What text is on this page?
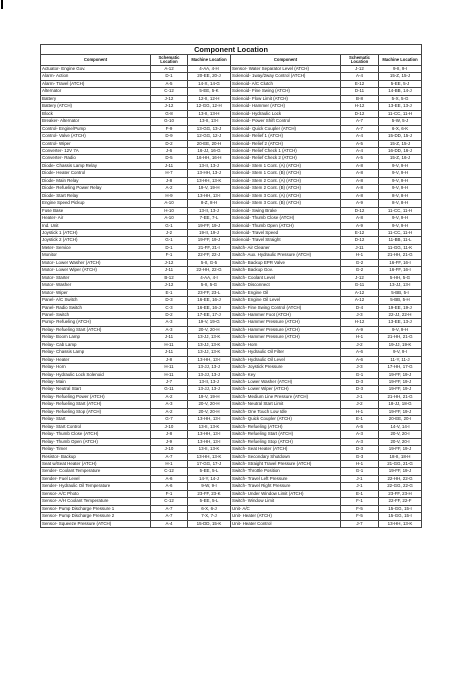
Component Location					
Component	Schematic Location	Machine Location	Component	Schematic Location	Machine Location
Actuator- Engine Gov.	A-12	4-AA, 4-H	Sensor- Water Separator Level (ATCH)	J-12	9-II, 9-I
Alarm- Action	D-1	20-EE, 20-J	Solenoid- 1way/2way Control (ATCH)	A-4	15-Z, 15-J
Alarm- Travel (ATCH)	A-5	14-X, 14-G	Solenoid- A/C Clutch	E-12	5-EE, 5-J
Alternator	C-12	5-EE, 5-K	Solenoid- Fine Swing (ATCH)	D-11	14-BB, 14-J
Battery	J-12	12-II, 12-H	Solenoid- Flow Limit (ATCH)	B-8	5-X, 5-G
Battery (ATCH)	J-12	12-GG, 12-H	Solenoid- Hammer (ATCH)	H-12	13-EE, 13-J
Block	G-8	13-II, 13-H	Solenoid- Hydraulic Lock	D-12	11-CC, 11-H
Breaker- Alternator	G-10	13-II, 13-I	Solenoid- Power Shift Control	A-7	5-W, 5-J
Control- Engine/Pump	F-9	13-GG, 13-J	Solenoid- Quick Coupler (ATCH)	A-7	6-X, 6-K
Control- Valve (ATCH)	D-9	12-GG, 12-J	Solenoid- Relief 1 (ATCH)	A-4	15-DD, 15-J
Control- Wiper	D-2	20-EE, 20-H	Solenoid- Relief 2 (ATCH)	A-5	15-Z, 15-J
Converter- 12V 7A	J-6	16-JJ, 16-G	Solenoid- Relief Check 1 (ATCH)	A-4	16-DD, 16-J
Converter- Radio	D-5	16-HH, 16-H	Solenoid- Relief Check 2 (ATCH)	A-5	15-Z, 16-J
Diode- Chassis Lamp Relay	J-11	13-II, 13-J	Solenoid- Stem 1 Cont. (A) (ATCH)	A-8	9-V, 9-H
Diode- Heater Control	H-7	13-HH, 13-J	Solenoid- Stem 1 Cont. (B) (ATCH)	A-8	9-V, 9-H
Diode- Main Relay	J-8	13-HH, 13-K	Solenoid- Stem 2 Cont. (A) (ATCH)	A-8	9-V, 9-H
Diode- Refueling Power Relay	A-2	19-V, 19-H	Solenoid- Stem 2 Cont. (B) (ATCH)	A-8	9-V, 9-H
Diode- Start Relay	H-9	13-HH, 13-I	Solenoid- Stem 3 Cont. (A) (ATCH)	A-8	8-V, 8-H
Engine Speed Pickup	A-10	8-Z, 8-H	Solenoid- Stem 3 Cont. (B) (ATCH)	A-9	8-V, 8-H
Fuse Base	H-10	13-II, 13-J	Solenoid- Swing Brake	D-12	11-CC, 11-H
Heater- Air	A-10	7-EE, 7-L	Solenoid- Thumb Close (ATCH)	A-8	9-V, 9-H
Ind. Unit	G-1	19-FF, 19-J	Solenoid- Thumb Open (ATCH)	A-9	9-V, 9-H
Joystick 1 (ATCH)	J-2	19-II, 19-J	Solenoid- Travel Speed	E-12	11-CC, 11-H
Joystick 2 (ATCH)	G-1	19-FF, 19-J	Solenoid- Travel Straight	D-12	11-BB, 11-L
Meter- Service	D-1	21-FF, 21-I	Switch- Air Cleaner	J-11	11-GG, 11-K
Monitor	F-1	22-FF, 22-J	Switch- Aux. Hydraulic Pressure (ATCH)	H-1	21-HH, 21-G
Motor- Lower Washer (ATCH)	J-12	5-II, G-5	Switch- Backup EPR Valve	G-2	16-FF, 16-I
Motor- Lower Wiper (ATCH)	J-11	22-HH, 22-G	Switch- Backup Gov.	G-2	16-FF, 16-I
Motor- Starter	B-12	4-AA, 4-I	Switch- Coolant Level	J-12	5-HH, 5-G
Motor- Washer	J-12	5-II, 5-G	Switch- Disconnect	G-11	13-JJ, 13-I
Motor- Wiper	E-1	23-FF, 23-L	Switch- Engine Oil	A-12	5-BB, 5-I
Panel- A/C Switch	D-3	16-EE, 16-J	Switch- Engine Oil Level	A-12	5-BB, 5-H
Panel- Radio Switch	C-3	16-EE, 16-J	Switch- Fine Swing Control (ATCH)	D-4	19-EE, 19-J
Panel- Switch	D-2	17-EE, 17-J	Switch- Hammer Foot (ATCH)	J-3	22-JJ, 22-H
Pump- Refueling (ATCH)	A-3	19-V, 19-G	Switch- Hammer Pressure (ATCH)	H-12	13-EE, 13-J
Relay- Refueling Start (ATCH)	A-3	20-V, 20-H	Switch- Hammer Pressure (ATCH)	A-9	9-V, 9-H
Relay- Boom Lamp	J-11	13-JJ, 13-K	Switch- Hammer Pressure (ATCH)	H-1	21-HH, 21-G
Relay- Cab Lamp	H-11	13-JJ, 13-K	Switch- Horn	J-2	19-JJ, 19-K
Relay- Chassis Lamp	J-11	13-JJ, 13-K	Switch- Hydraulic Oil Filter	A-6	9-V, 9-I
Relay- Heater	J-8	13-HH, 13-I	Switch- Hydraulic Oil Level	A-6	11-Y, 11-J
Relay- Horn	H-11	13-JJ, 13-J	Switch- Joystick Pressure	J-3	17-HH, 17-G
Relay- Hydraulic Lock Solenoid	H-11	13-JJ, 13-J	Switch- Key	G-1	19-FF, 19-J
Relay- Main	J-7	13-II, 13-J	Switch- Lower Washer (ATCH)	D-3	19-FF, 19-J
Relay- Neutral Start	G-11	13-JJ, 13-J	Switch- Lower Wiper (ATCH)	D-3	19-FF, 19-J
Relay- Refueling Power (ATCH)	A-2	19-V, 19-H	Switch- Medium Line Pressure (ATCH)	J-1	21-HH, 21-G
Relay- Refueling Start (ATCH)	A-3	20-V, 20-H	Switch- Neutral Start Limit	J-2	18-JJ, 18-G
Relay- Refueling Stop (ATCH)	A-2	20-V, 20-H	Switch- One Touch Low Idle	H-1	19-FF, 19-J
Relay- Start	G-7	13-HH, 13-I	Switch- Quick Coupler (ATCH)	E-1	20-EE, 20-I
Relay- Start Control	J-10	13-II, 13-K	Switch- Refueling (ATCH)	A-5	14-V, 14-I
Relay- Thumb Close (ATCH)	J-8	13-HH, 13-I	Switch- Refueling Start (ATCH)	A-3	20-V, 20-I
Relay- Thumb Open (ATCH)	J-9	13-HH, 13-I	Switch- Refueling Stop (ATCH)	A-3	20-V, 20-I
Relay- Timer	J-10	13-II, 13-K	Switch- Seat Heater (ATCH)	D-3	19-FF, 19-J
Resistor- Backup	A-7	13-HH, 13-K	Switch- Secondary Shutdown	G-3	18-II, 18-H
Seat w/Seat Heater (ATCH)	H-1	17-GG, 17-J	Switch- Straight Travel Pressure (ATCH)	H-1	21-GG, 21-G
Sender- Coolant Temperature	C-12	5-EE, 5-L	Switch- Throttle Position	G-1	19-FF, 19-J
Sender- Fuel Level	A-6	14-Y, 14-J	Switch- Travel Left Pressure	J-1	22-HH, 22-G
Sender- Hydraulic Oil Temperature	A-6	9-W, 9-I	Switch- Travel Right Pressure	J-1	22-GG, 22-G
Sensor- A/C Photo	F-1	23-FF, 23-K	Switch- Under Window Limit (ATCH)	E-1	23-FF, 23-H
Sensor- A/H Coolant Temperature	C-12	5-EE, 5-L	Switch- Window Limit	F-1	22-FF, 22-F
Sensor- Pump Discharge Pressure 1	A-7	6-X, 6-J	Unit- A/C	F-5	15-GG, 15-I
Sensor- Pump Discharge Pressure 2	A-7	7-X, 7-J	Unit- Heater (ATCH)	F-5	15-GG, 15-I
Sensor- Squeeze Pressure (ATCH)	A-4	15-DD, 15-K	Unit- Heater Control	J-7	13-HH, 13-K
